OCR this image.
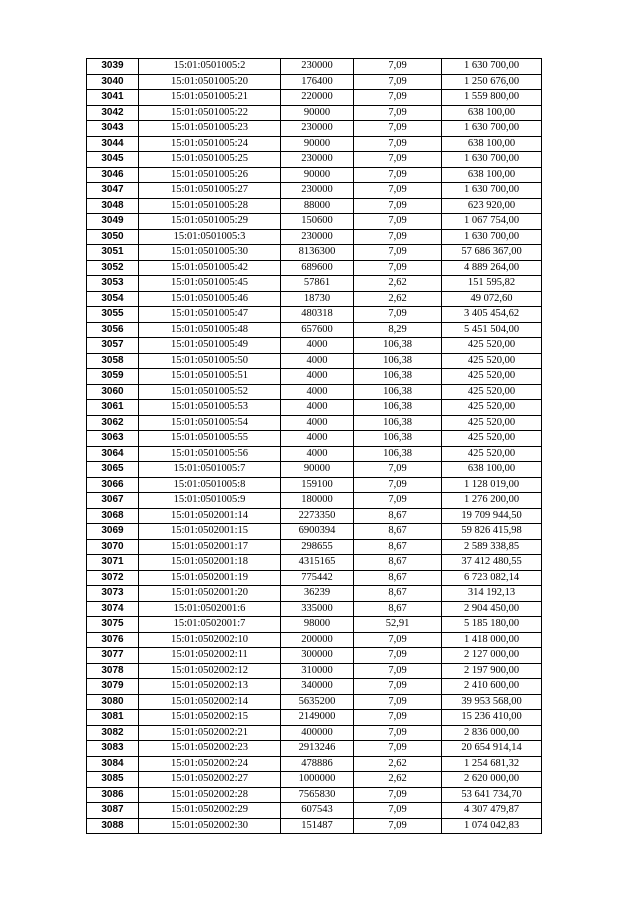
3039	15:01:0501005:2	230000	7,09	1 630 700,00
3040	15:01:0501005:20	176400	7,09	1 250 676,00
3041	15:01:0501005:21	220000	7,09	1 559 800,00
3042	15:01:0501005:22	90000	7,09	638 100,00
3043	15:01:0501005:23	230000	7,09	1 630 700,00
3044	15:01:0501005:24	90000	7,09	638 100,00
3045	15:01:0501005:25	230000	7,09	1 630 700,00
3046	15:01:0501005:26	90000	7,09	638 100,00
3047	15:01:0501005:27	230000	7,09	1 630 700,00
3048	15:01:0501005:28	88000	7,09	623 920,00
3049	15:01:0501005:29	150600	7,09	1 067 754,00
3050	15:01:0501005:3	230000	7,09	1 630 700,00
3051	15:01:0501005:30	8136300	7,09	57 686 367,00
3052	15:01:0501005:42	689600	7,09	4 889 264,00
3053	15:01:0501005:45	57861	2,62	151 595,82
3054	15:01:0501005:46	18730	2,62	49 072,60
3055	15:01:0501005:47	480318	7,09	3 405 454,62
3056	15:01:0501005:48	657600	8,29	5 451 504,00
3057	15:01:0501005:49	4000	106,38	425 520,00
3058	15:01:0501005:50	4000	106,38	425 520,00
3059	15:01:0501005:51	4000	106,38	425 520,00
3060	15:01:0501005:52	4000	106,38	425 520,00
3061	15:01:0501005:53	4000	106,38	425 520,00
3062	15:01:0501005:54	4000	106,38	425 520,00
3063	15:01:0501005:55	4000	106,38	425 520,00
3064	15:01:0501005:56	4000	106,38	425 520,00
3065	15:01:0501005:7	90000	7,09	638 100,00
3066	15:01:0501005:8	159100	7,09	1 128 019,00
3067	15:01:0501005:9	180000	7,09	1 276 200,00
3068	15:01:0502001:14	2273350	8,67	19 709 944,50
3069	15:01:0502001:15	6900394	8,67	59 826 415,98
3070	15:01:0502001:17	298655	8,67	2 589 338,85
3071	15:01:0502001:18	4315165	8,67	37 412 480,55
3072	15:01:0502001:19	775442	8,67	6 723 082,14
3073	15:01:0502001:20	36239	8,67	314 192,13
3074	15:01:0502001:6	335000	8,67	2 904 450,00
3075	15:01:0502001:7	98000	52,91	5 185 180,00
3076	15:01:0502002:10	200000	7,09	1 418 000,00
3077	15:01:0502002:11	300000	7,09	2 127 000,00
3078	15:01:0502002:12	310000	7,09	2 197 900,00
3079	15:01:0502002:13	340000	7,09	2 410 600,00
3080	15:01:0502002:14	5635200	7,09	39 953 568,00
3081	15:01:0502002:15	2149000	7,09	15 236 410,00
3082	15:01:0502002:21	400000	7,09	2 836 000,00
3083	15:01:0502002:23	2913246	7,09	20 654 914,14
3084	15:01:0502002:24	478886	2,62	1 254 681,32
3085	15:01:0502002:27	1000000	2,62	2 620 000,00
3086	15:01:0502002:28	7565830	7,09	53 641 734,70
3087	15:01:0502002:29	607543	7,09	4 307 479,87
3088	15:01:0502002:30	151487	7,09	1 074 042,83
